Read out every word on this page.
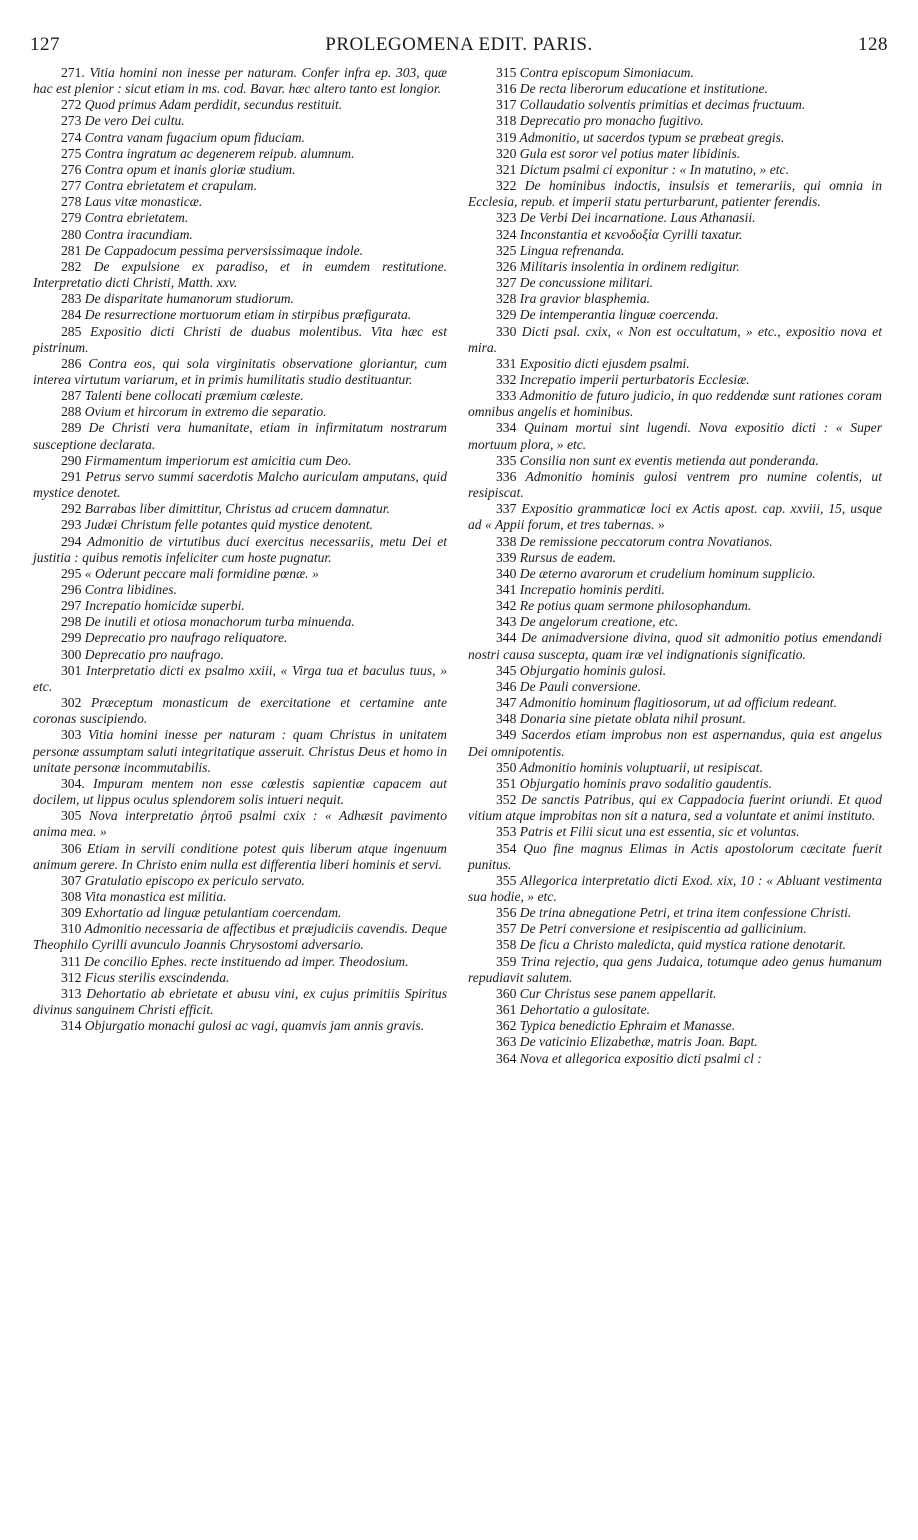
127	PROLEGOMENA EDIT. PARIS.	128

271. Vitia homini non inesse per naturam. Confer infra ep. 303, quæ hac est plenior : sicut etiam in ms. cod. Bavar. hæc altero tanto est longior.

272 Quod primus Adam perdidit, secundus restituit.

273 De vero Dei cultu.

274 Contra vanam fugacium opum fiduciam.

275 Contra ingratum ac degenerem reipub. alumnum.

276 Contra opum et inanis gloriæ studium.

277 Contra ebrietatem et crapulam.

278 Laus vitæ monasticæ.

279 Contra ebrietatem.

280 Contra iracundiam.

281 De Cappadocum pessima perversissimaque indole.

282 De expulsione ex paradiso, et in eumdem restitutione. Interpretatio dicti Christi, Matth. xxv.

283 De disparitate humanorum studiorum.

284 De resurrectione mortuorum etiam in stirpibus præfigurata.

285 Expositio dicti Christi de duabus molentibus. Vita hæc est pistrinum.

286 Contra eos, qui sola virginitatis observatione gloriantur, cum interea virtutum variarum, et in primis humilitatis studio destituantur.

287 Talenti bene collocati præmium cœleste.

288 Ovium et hircorum in extremo die separatio.

289 De Christi vera humanitate, etiam in infirmitatum nostrarum susceptione declarata.

290 Firmamentum imperiorum est amicitia cum Deo.

291 Petrus servo summi sacerdotis Malcho auriculam amputans, quid mystice denotet.

292 Barrabas liber dimittitur, Christus ad crucem damnatur.

293 Judæi Christum felle potantes quid mystice denotent.

294 Admonitio de virtutibus duci exercitus necessariis, metu Dei et justitia : quibus remotis infeliciter cum hoste pugnatur.

295 « Oderunt peccare mali formidine pœnæ. »

296 Contra libidines.

297 Increpatio homicidæ superbi.

298 De inutili et otiosa monachorum turba minuenda.

299 Deprecatio pro naufrago reliquatore.

300 Deprecatio pro naufrago.

301 Interpretatio dicti ex psalmo xxiii, « Virga tua et baculus tuus, » etc.

302 Præceptum monasticum de exercitatione et certamine ante coronas suscipiendo.

303 Vitia homini inesse per naturam : quam Christus in unitatem personæ assumptam saluti integritatique asseruit. Christus Deus et homo in unitate personæ incommutabilis.

304. Impuram mentem non esse cœlestis sapientiæ capacem aut docilem, ut lippus oculus splendorem solis intueri nequit.

305 Nova interpretatio ῥητοῦ psalmi cxix : « Adhæsit pavimento anima mea. »

306 Etiam in servili conditione potest quis liberum atque ingenuum animum gerere. In Christo enim nulla est differentia liberi hominis et servi.

307 Gratulatio episcopo ex periculo servato.

308 Vita monastica est militia.

309 Exhortatio ad linguæ petulantiam coercendam.

310 Admonitio necessaria de affectibus et præjudiciis cavendis. Deque Theophilo Cyrilli avunculo Joannis Chrysostomi adversario.

311 De concilio Ephes. recte instituendo ad imper. Theodosium.

312 Ficus sterilis exscindenda.

313 Dehortatio ab ebrietate et abusu vini, ex cujus primitiis Spiritus divinus sanguinem Christi efficit.

314 Objurgatio monachi gulosi ac vagi, quamvis jam annis gravis.

315 Contra episcopum Simoniacum.

316 De recta liberorum educatione et institutione.

317 Collaudatio solventis primitias et decimas fructuum.

318 Deprecatio pro monacho fugitivo.

319 Admonitio, ut sacerdos typum se præbeat gregis.

320 Gula est soror vel potius mater libidinis.

321 Dictum psalmi ci exponitur : « In matutino, » etc.

322 De hominibus indoctis, insulsis et temerariis, qui omnia in Ecclesia, repub. et imperii statu perturbarunt, patienter ferendis.

323 De Verbi Dei incarnatione. Laus Athanasii.

324 Inconstantia et κενοδοξία Cyrilli taxatur.

325 Lingua refrenanda.

326 Militaris insolentia in ordinem redigitur.

327 De concussione militari.

328 Ira gravior blasphemia.

329 De intemperantia linguæ coercenda.

330 Dicti psal. cxix, « Non est occultatum, » etc., expositio nova et mira.

331 Expositio dicti ejusdem psalmi.

332 Increpatio imperii perturbatoris Ecclesiæ.

333 Admonitio de futuro judicio, in quo reddendæ sunt rationes coram omnibus angelis et hominibus.

334 Quinam mortui sint lugendi. Nova expositio dicti : « Super mortuum plora, » etc.

335 Consilia non sunt ex eventis metienda aut ponderanda.

336 Admonitio hominis gulosi ventrem pro numine colentis, ut resipiscat.

337 Expositio grammaticæ loci ex Actis apost. cap. xxviii, 15, usque ad « Appii forum, et tres tabernas. »

338 De remissione peccatorum contra Novatianos.

339 Rursus de eadem.

340 De æterno avarorum et crudelium hominum supplicio.

341 Increpatio hominis perditi.

342 Re potius quam sermone philosophandum.

343 De angelorum creatione, etc.

344 De animadversione divina, quod sit admonitio potius emendandi nostri causa suscepta, quam iræ vel indignationis significatio.

345 Objurgatio hominis gulosi.

346 De Pauli conversione.

347 Admonitio hominum flagitiosorum, ut ad officium redeant.

348 Donaria sine pietate oblata nihil prosunt.

349 Sacerdos etiam improbus non est aspernandus, quia est angelus Dei omnipotentis.

350 Admonitio hominis voluptuarii, ut resipiscat.

351 Objurgatio hominis pravo sodalitio gaudentis.

352 De sanctis Patribus, qui ex Cappadocia fuerint oriundi. Et quod vitium atque improbitas non sit a natura, sed a voluntate et animi instituto.

353 Patris et Filii sicut una est essentia, sic et voluntas.

354 Quo fine magnus Elimas in Actis apostolorum cæcitate fuerit punitus.

355 Allegorica interpretatio dicti Exod. xix, 10 : « Abluant vestimenta sua hodie, » etc.

356 De trina abnegatione Petri, et trina item confessione Christi.

357 De Petri conversione et resipiscentia ad gallicinium.

358 De ficu a Christo maledicta, quid mystica ratione denotarit.

359 Trina rejectio, qua gens Judaica, totumque adeo genus humanum repudiavit salutem.

360 Cur Christus sese panem appellarit.

361 Dehortatio a gulositate.

362 Typica benedictio Ephraim et Manasse.

363 De vaticinio Elizabethæ, matris Joan. Bapt.

364 Nova et allegorica expositio dicti psalmi cl :
